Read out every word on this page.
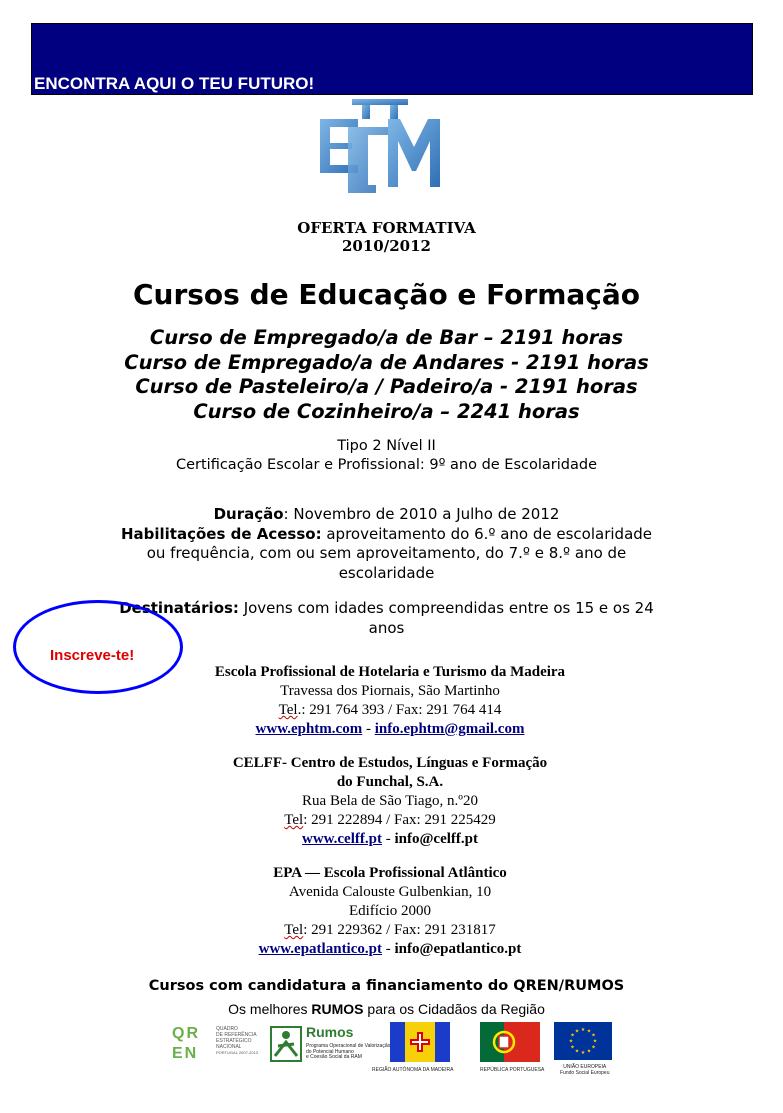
ENCONTRA AQUI O TEU FUTURO!
OFERTA FORMATIVA
2010/2012
Cursos de Educação e Formação
Curso de Empregado/a de Bar – 2191 horas
Curso de Empregado/a de Andares - 2191 horas
Curso de Pasteleiro/a / Padeiro/a - 2191 horas
Curso de Cozinheiro/a – 2241 horas
Tipo 2 Nível II
Certificação Escolar e Profissional: 9º ano de Escolaridade
Duração: Novembro de 2010 a Julho de 2012
Habilitações de Acesso: aproveitamento do 6.º ano de escolaridade ou frequência, com ou sem aproveitamento, do 7.º e 8.º ano de escolaridade
Destinatários: Jovens com idades compreendidas entre os 15 e os 24 anos
Inscreve-te!
Escola Profissional de Hotelaria e Turismo da Madeira
Travessa dos Piornais, São Martinho
Tel.: 291 764 393 / Fax: 291 764 414
www.ephtm.com - info.ephtm@gmail.com
CELFF- Centro de Estudos, Línguas e Formação
do Funchal, S.A.
Rua Bela de São Tiago, n.º20
Tel: 291 222894 / Fax: 291 225429
www.celff.pt - info@celff.pt
EPA — Escola Profissional Atlântico
Avenida Calouste Gulbenkian, 10
Edifício 2000
Tel: 291 229362 / Fax: 291 231817
www.epatlantico.pt - info@epatlantico.pt
Cursos com candidatura a financiamento do QREN/RUMOS
Os melhores RUMOS para os Cidadãos da Região
QREN
QUADRO
DE REFERÊNCIA
ESTRATÉGICO
NACIONAL
PORTUGAL 2007-2013
Rumos
Programa Operacional de Valorização
do Potencial Humano
e Coesão Social da RAM
★ ★
★
★
★
★
★
★
★
★
★
★
REGIÃO AUTÓNOMA DA MADEIRA	REPÚBLICA PORTUGUESA	UNIÃO EUROPEIA
Fundo Social Europeu
